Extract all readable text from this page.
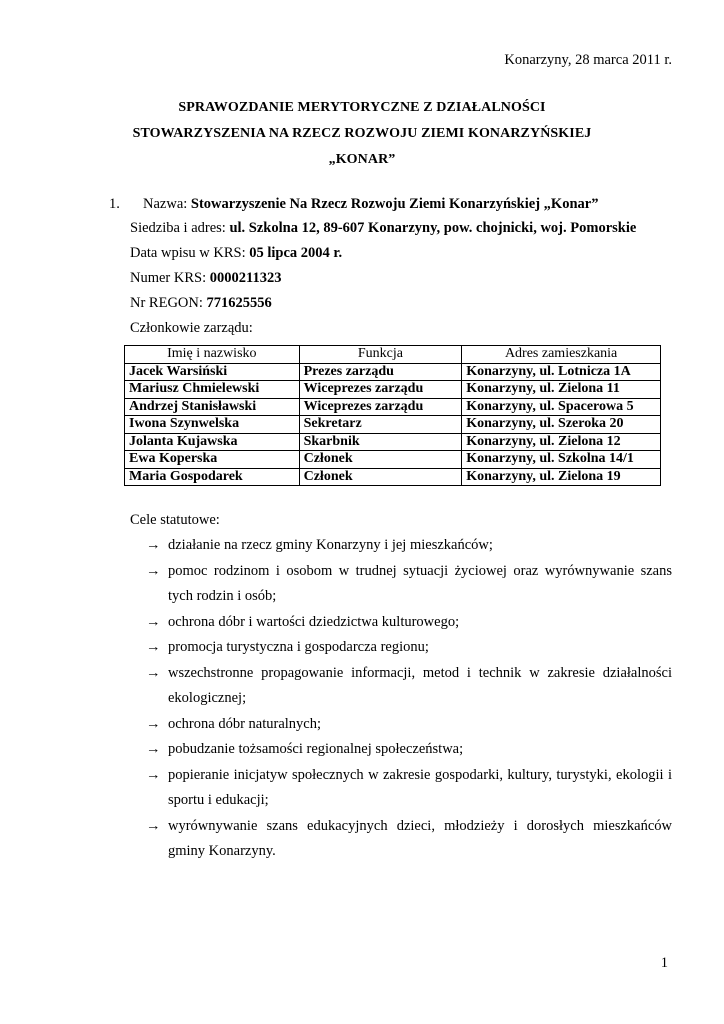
Konarzyny, 28 marca 2011 r.
SPRAWOZDANIE MERYTORYCZNE Z DZIAŁALNOŚCI
STOWARZYSZENIA NA RZECZ ROZWOJU ZIEMI KONARZYŃSKIEJ
„KONAR”
1. Nazwa: Stowarzyszenie Na Rzecz Rozwoju Ziemi Konarzyńskiej „Konar”
Siedziba i adres: ul. Szkolna 12, 89-607 Konarzyny, pow. chojnicki, woj. Pomorskie
Data wpisu w KRS: 05 lipca 2004 r.
Numer KRS: 0000211323
Nr REGON: 771625556
Członkowie zarządu:
Imię i nazwisko	Funkcja	Adres zamieszkania
Jacek Warsiński	Prezes zarządu	Konarzyny, ul. Lotnicza 1A
Mariusz Chmielewski	Wiceprezes zarządu	Konarzyny, ul. Zielona 11
Andrzej Stanisławski	Wiceprezes zarządu	Konarzyny, ul. Spacerowa 5
Iwona Szynwelska	Sekretarz	Konarzyny, ul. Szeroka 20
Jolanta Kujawska	Skarbnik	Konarzyny, ul. Zielona 12
Ewa Koperska	Członek	Konarzyny, ul. Szkolna 14/1
Maria Gospodarek	Członek	Konarzyny, ul. Zielona 19
Cele statutowe:
→ działanie na rzecz gminy Konarzyny i jej mieszkańców;
→ pomoc rodzinom i osobom w trudnej sytuacji życiowej oraz wyrównywanie szans tych rodzin i osób;
→ ochrona dóbr i wartości dziedzictwa kulturowego;
→ promocja turystyczna i gospodarcza regionu;
→ wszechstronne propagowanie informacji, metod i technik w zakresie działalności ekologicznej;
→ ochrona dóbr naturalnych;
→ pobudzanie tożsamości regionalnej społeczeństwa;
→ popieranie inicjatyw społecznych w zakresie gospodarki, kultury, turystyki, ekologii i sportu i edukacji;
→ wyrównywanie szans edukacyjnych dzieci, młodzieży i dorosłych mieszkańców gminy Konarzyny.
1
